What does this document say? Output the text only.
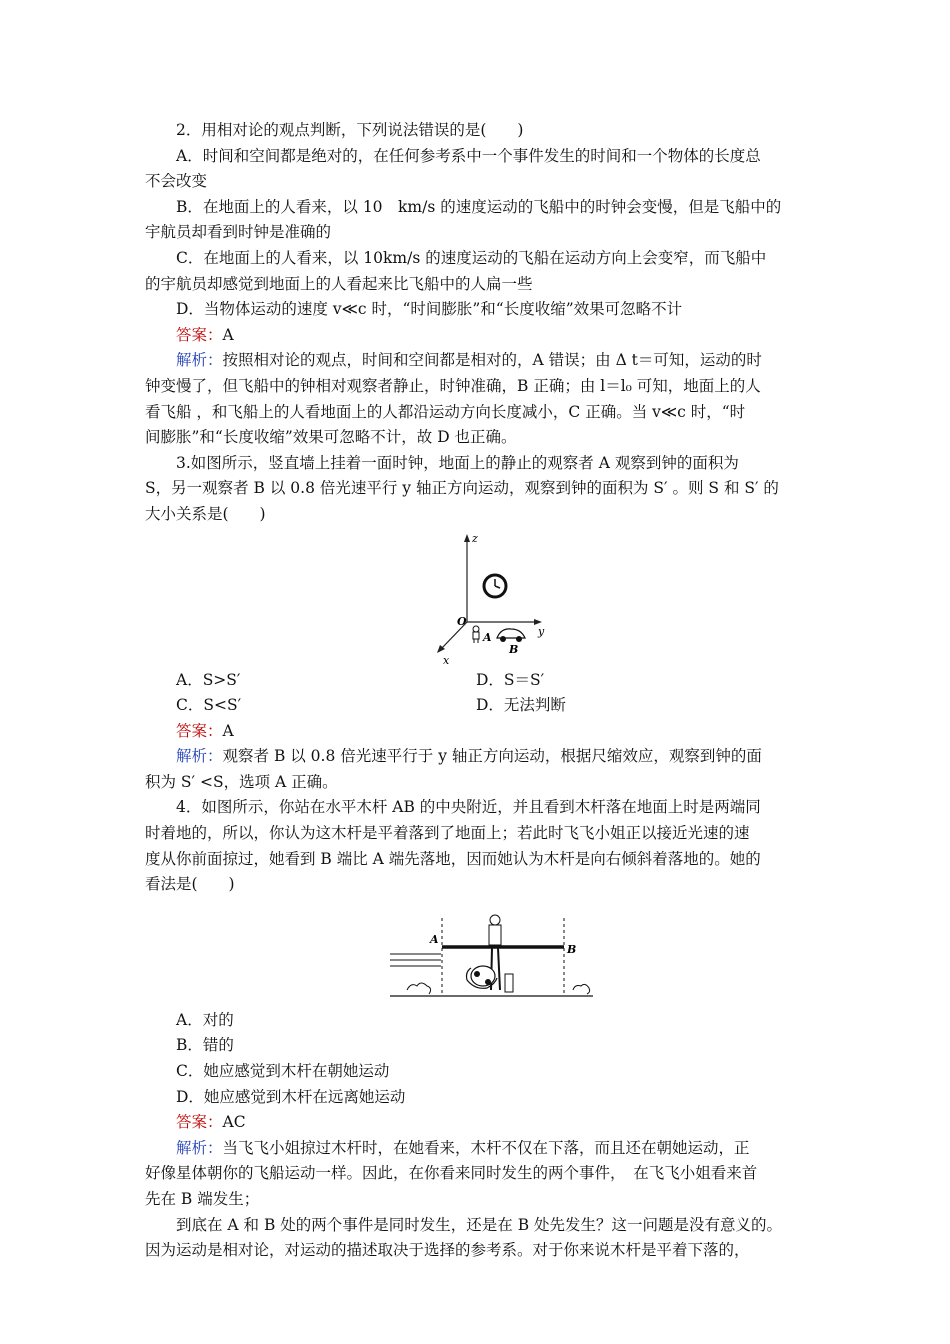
2．用相对论的观点判断，下列说法错误的是(　　)
A．时间和空间都是绝对的，在任何参考系中一个事件发生的时间和一个物体的长度总
不会改变
B．在地面上的人看来，以 10　km/s 的速度运动的飞船中的时钟会变慢，但是飞船中的
宇航员却看到时钟是准确的
C．在地面上的人看来，以 10km/s 的速度运动的飞船在运动方向上会变窄，而飞船中
的宇航员却感觉到地面上的人看起来比飞船中的人扁一些
D．当物体运动的速度 v≪c 时，“时间膨胀”和“长度收缩”效果可忽略不计
答案：A
解析：按照相对论的观点，时间和空间都是相对的，A 错误；由 Δ t＝可知，运动的时
钟变慢了，但飞船中的钟相对观察者静止，时钟准确，B 正确；由 l＝l₀ 可知，地面上的人
看飞船 ，和飞船上的人看地面上的人都沿运动方向长度减小，C 正确。当 v≪c 时，“时
间膨胀”和“长度收缩”效果可忽略不计，故 D 也正确。
3.如图所示，竖直墙上挂着一面时钟，地面上的静止的观察者 A 观察到钟的面积为
S，另一观察者 B 以 0.8 倍光速平行 y 轴正方向运动，观察到钟的面积为 S′ 。则 S 和 S′ 的
大小关系是(　　)
z
y
x
O
A
B
A．S>S′	D．S＝S′
C．S<S′	D．无法判断
答案：A
解析：观察者 B 以 0.8 倍光速平行于 y 轴正方向运动，根据尺缩效应，观察到钟的面
积为 S′ <S，选项 A 正确。
4．如图所示，你站在水平木杆 AB 的中央附近，并且看到木杆落在地面上时是两端同
时着地的，所以，你认为这木杆是平着落到了地面上；若此时飞飞小姐正以接近光速的速
度从你前面掠过，她看到 B 端比 A 端先落地，因而她认为木杆是向右倾斜着落地的。她的
看法是(　　)
A
B
A．对的
B．错的
C．她应感觉到木杆在朝她运动
D．她应感觉到木杆在远离她运动
答案：AC
解析：当飞飞小姐掠过木杆时，在她看来，木杆不仅在下落，而且还在朝她运动，正
好像星体朝你的飞船运动一样。因此，在你看来同时发生的两个事件，　在飞飞小姐看来首
先在 B 端发生；
到底在 A 和 B 处的两个事件是同时发生，还是在 B 处先发生？这一问题是没有意义的。
因为运动是相对论，对运动的描述取决于选择的参考系。对于你来说木杆是平着下落的，
